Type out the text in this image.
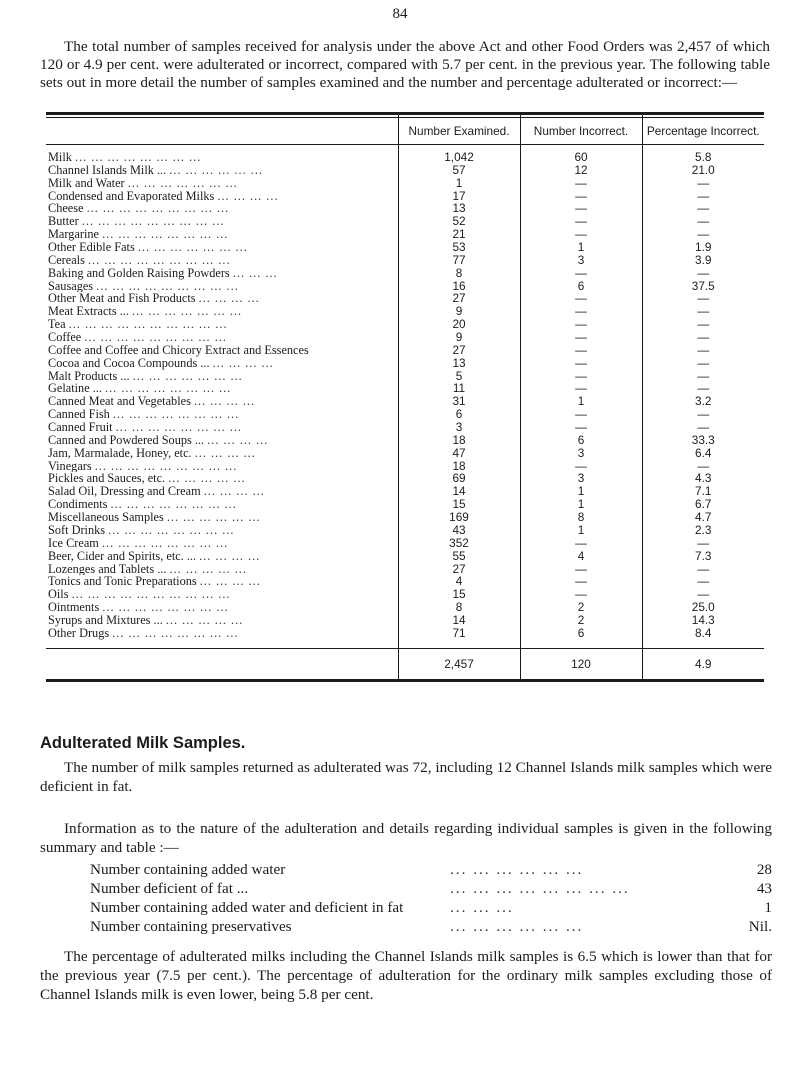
84

The total number of samples received for analysis under the above Act and other Food Orders was 2,457 of which 120 or 4.9 per cent. were adulterated or incorrect, compared with 5.7 per cent. in the previous year. The following table sets out in more detail the number of samples examined and the number and percentage adulterated or incorrect:—

	Number Examined.	Number Incorrect.	Percentage Incorrect.
Milk ... ... ... ... ... ... ... ...	1,042	60	5.8
Channel Islands Milk ... ... ... ... ... ... ...	57	12	21.0
Milk and Water ... ... ... ... ... ... ...	1	—	—
Condensed and Evaporated Milks ... ... ... ...	17	—	—
Cheese ... ... ... ... ... ... ... ... ...	13	—	—
Butter ... ... ... ... ... ... ... ... ...	52	—	—
Margarine ... ... ... ... ... ... ... ...	21	—	—
Other Edible Fats ... ... ... ... ... ... ...	53	1	1.9
Cereals ... ... ... ... ... ... ... ... ...	77	3	3.9
Baking and Golden Raising Powders ... ... ...	8	—	—
Sausages ... ... ... ... ... ... ... ... ...	16	6	37.5
Other Meat and Fish Products ... ... ... ...	27	—	—
Meat Extracts ... ... ... ... ... ... ... ...	9	—	—
Tea ... ... ... ... ... ... ... ... ... ...	20	—	—
Coffee ... ... ... ... ... ... ... ... ...	9	—	—
Coffee and Coffee and Chicory Extract and Essences	27	—	—
Cocoa and Cocoa Compounds ... ... ... ... ...	13	—	—
Malt Products ... ... ... ... ... ... ... ...	5	—	—
Gelatine ... ... ... ... ... ... ... ... ...	11	—	—
Canned Meat and Vegetables ... ... ... ...	31	1	3.2
Canned Fish ... ... ... ... ... ... ... ...	6	—	—
Canned Fruit ... ... ... ... ... ... ... ...	3	—	—
Canned and Powdered Soups ... ... ... ... ...	18	6	33.3
Jam, Marmalade, Honey, etc. ... ... ... ...	47	3	6.4
Vinegars ... ... ... ... ... ... ... ... ...	18	—	—
Pickles and Sauces, etc. ... ... ... ... ...	69	3	4.3
Salad Oil, Dressing and Cream ... ... ... ...	14	1	7.1
Condiments ... ... ... ... ... ... ... ...	15	1	6.7
Miscellaneous Samples ... ... ... ... ... ...	169	8	4.7
Soft Drinks ... ... ... ... ... ... ... ...	43	1	2.3
Ice Cream ... ... ... ... ... ... ... ...	352	—	—
Beer, Cider and Spirits, etc. ... ... ... ... ...	55	4	7.3
Lozenges and Tablets ... ... ... ... ... ...	27	—	—
Tonics and Tonic Preparations ... ... ... ...	4	—	—
Oils ... ... ... ... ... ... ... ... ... ...	15	—	—
Ointments ... ... ... ... ... ... ... ...	8	2	25.0
Syrups and Mixtures ... ... ... ... ... ...	14	2	14.3
Other Drugs ... ... ... ... ... ... ... ...	71	6	8.4
	2,457	120	4.9
Adulterated Milk Samples.

The number of milk samples returned as adulterated was 72, including 12 Channel Islands milk samples which were deficient in fat.

Information as to the nature of the adulteration and details regarding individual samples is given in the following summary and table :—

Number containing added water	... ... ... ... ... ...	28
Number deficient of fat ...	... ... ... ... ... ... ... ...	43
Number containing added water and deficient in fat	... ... ...	1
Number containing preservatives	... ... ... ... ... ...	Nil.

The percentage of adulterated milks including the Channel Islands milk samples is 6.5 which is lower than that for the previous year (7.5 per cent.). The percentage of adulteration for the ordinary milk samples excluding those of Channel Islands milk is even lower, being 5.8 per cent.
